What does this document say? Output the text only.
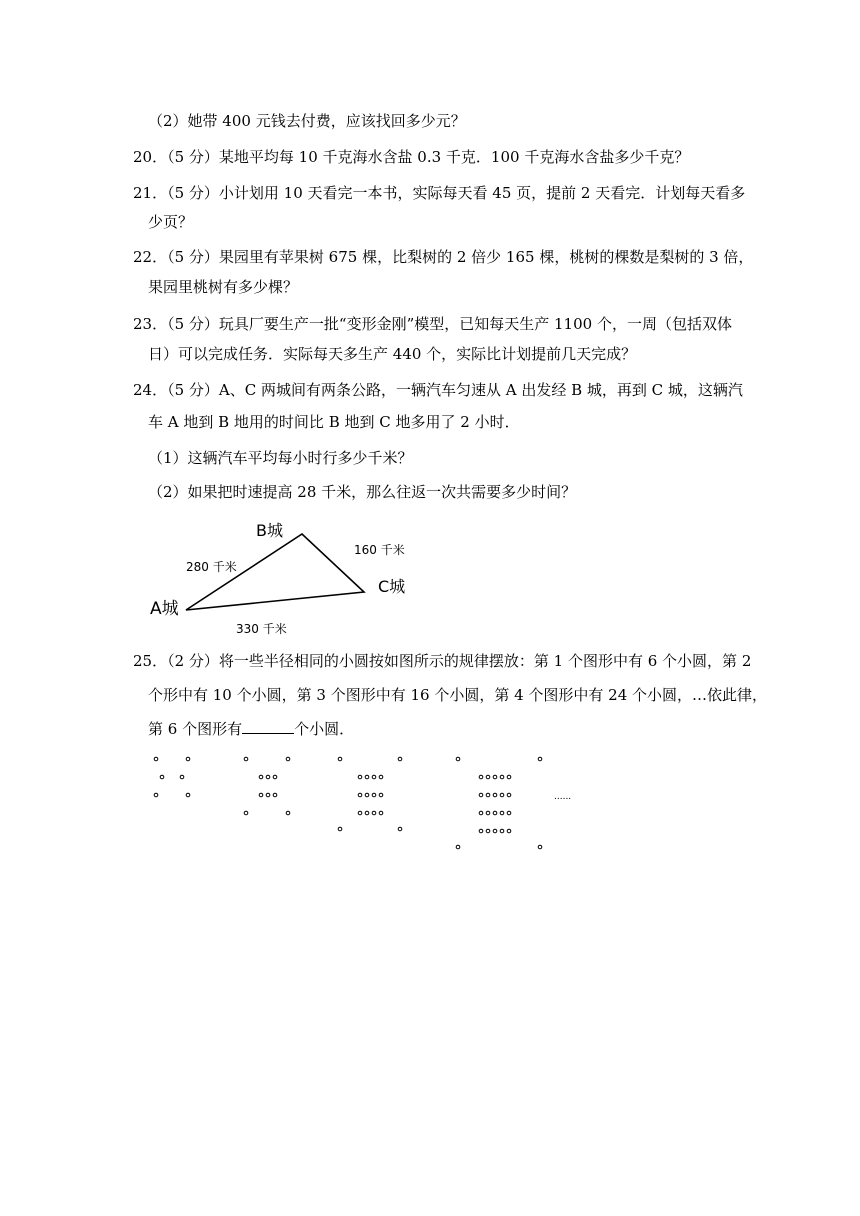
（2）她带 400 元钱去付费，应该找回多少元？
20．（5 分）某地平均每 10 千克海水含盐 0.3 千克．100 千克海水含盐多少千克？
21．（5 分）小计划用 10 天看完一本书，实际每天看 45 页，提前 2 天看完．计划每天看多
少页？
22．（5 分）果园里有苹果树 675 棵，比梨树的 2 倍少 165 棵，桃树的棵数是梨树的 3 倍，
果园里桃树有多少棵？
23．（5 分）玩具厂要生产一批“变形金刚”模型，已知每天生产 1100 个，一周（包括双体
日）可以完成任务．实际每天多生产 440 个，实际比计划提前几天完成？
24．（5 分）A、C 两城间有两条公路，一辆汽车匀速从 A 出发经 B 城，再到 C 城，这辆汽
车 A 地到 B 地用的时间比 B 地到 C 地多用了 2 小时．
（1）这辆汽车平均每小时行多少千米？
（2）如果把时速提高 28 千米，那么往返一次共需要多少时间？
B城
160 千米
280 千米
C城
A城
330 千米
25．（2 分）将一些半径相同的小圆按如图所示的规律摆放：第 1 个图形中有 6 个小圆，第 2
个形中有 10 个小圆，第 3 个图形中有 16 个小圆，第 4 个图形中有 24 个小圆，…依此律，
第 6 个图形有	个小圆．
......
